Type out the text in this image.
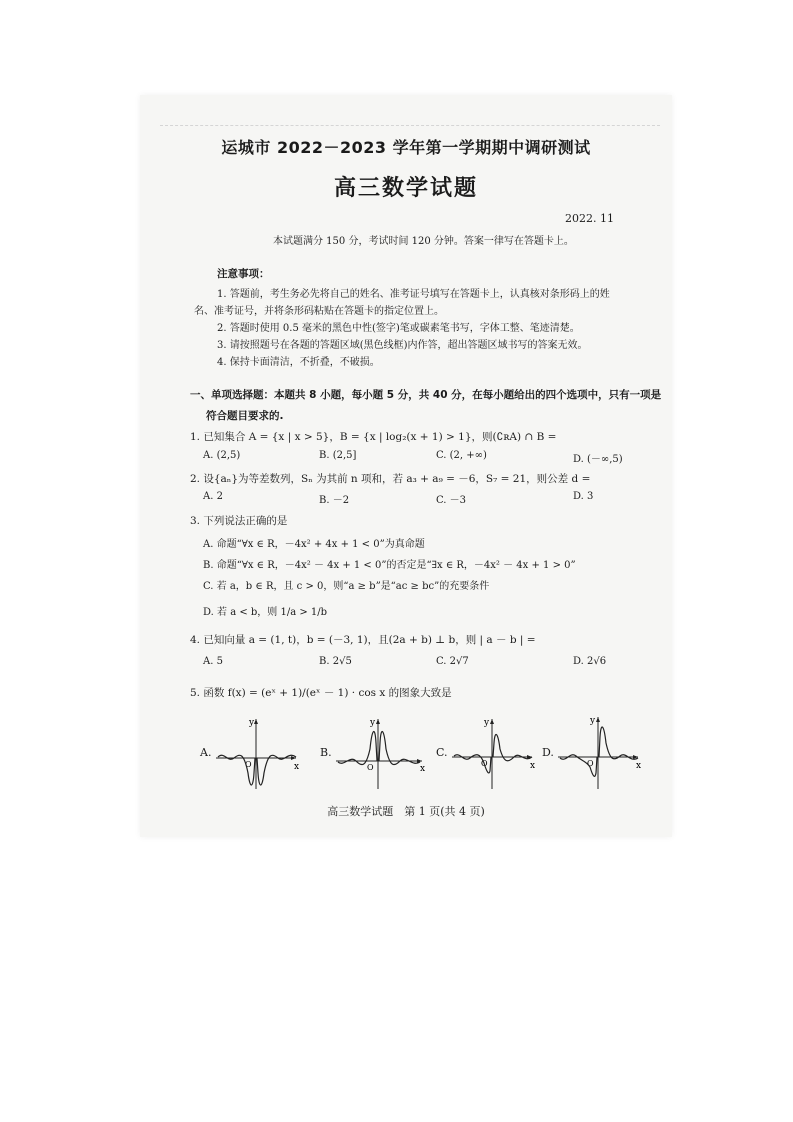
运城市 2022－2023 学年第一学期期中调研测试
高三数学试题
2022. 11
本试题满分 150 分，考试时间 120 分钟。答案一律写在答题卡上。
注意事项：
1. 答题前，考生务必先将自己的姓名、准考证号填写在答题卡上，认真核对条形码上的姓
名、准考证号，并将条形码粘贴在答题卡的指定位置上。
2. 答题时使用 0.5 毫米的黑色中性(签字)笔或碳素笔书写，字体工整、笔迹清楚。
3. 请按照题号在各题的答题区域(黑色线框)内作答，超出答题区域书写的答案无效。
4. 保持卡面清洁，不折叠，不破损。
一、单项选择题：本题共 8 小题，每小题 5 分，共 40 分，在每小题给出的四个选项中，只有一项是
符合题目要求的.
1. 已知集合 A = {x | x > 5}，B = {x | log₂(x + 1) > 1}，则(∁ʀA) ∩ B =
A. (2,5)	B. (2,5]	C. (2, +∞)	D. (－∞,5)
2. 设{aₙ}为等差数列，Sₙ 为其前 n 项和，若 a₃ + a₉ = －6，S₇ = 21，则公差 d =
A. 2	B. －2	C. －3	D. 3
3. 下列说法正确的是
A. 命题“∀x ∈ R，－4x² + 4x + 1 < 0”为真命题
B. 命题“∀x ∈ R，－4x² － 4x + 1 < 0”的否定是“∃x ∈ R，－4x² － 4x + 1 > 0”
C. 若 a，b ∈ R，且 c > 0，则“a ≥ b”是“ac ≥ bc”的充要条件
D. 若 a < b，则 1/a > 1/b
4. 已知向量 a = (1, t)，b = (－3, 1)，且(2a + b) ⊥ b，则 | a － b | =
A. 5	B. 2√5	C. 2√7	D. 2√6
5. 函数 f(x) = (eˣ + 1)/(eˣ － 1) · cos x 的图象大致是
A.	B.	C.	D.
y
x
O
y
x
O
y
x
O
y
x
O
高三数学试题　第 1 页(共 4 页)
